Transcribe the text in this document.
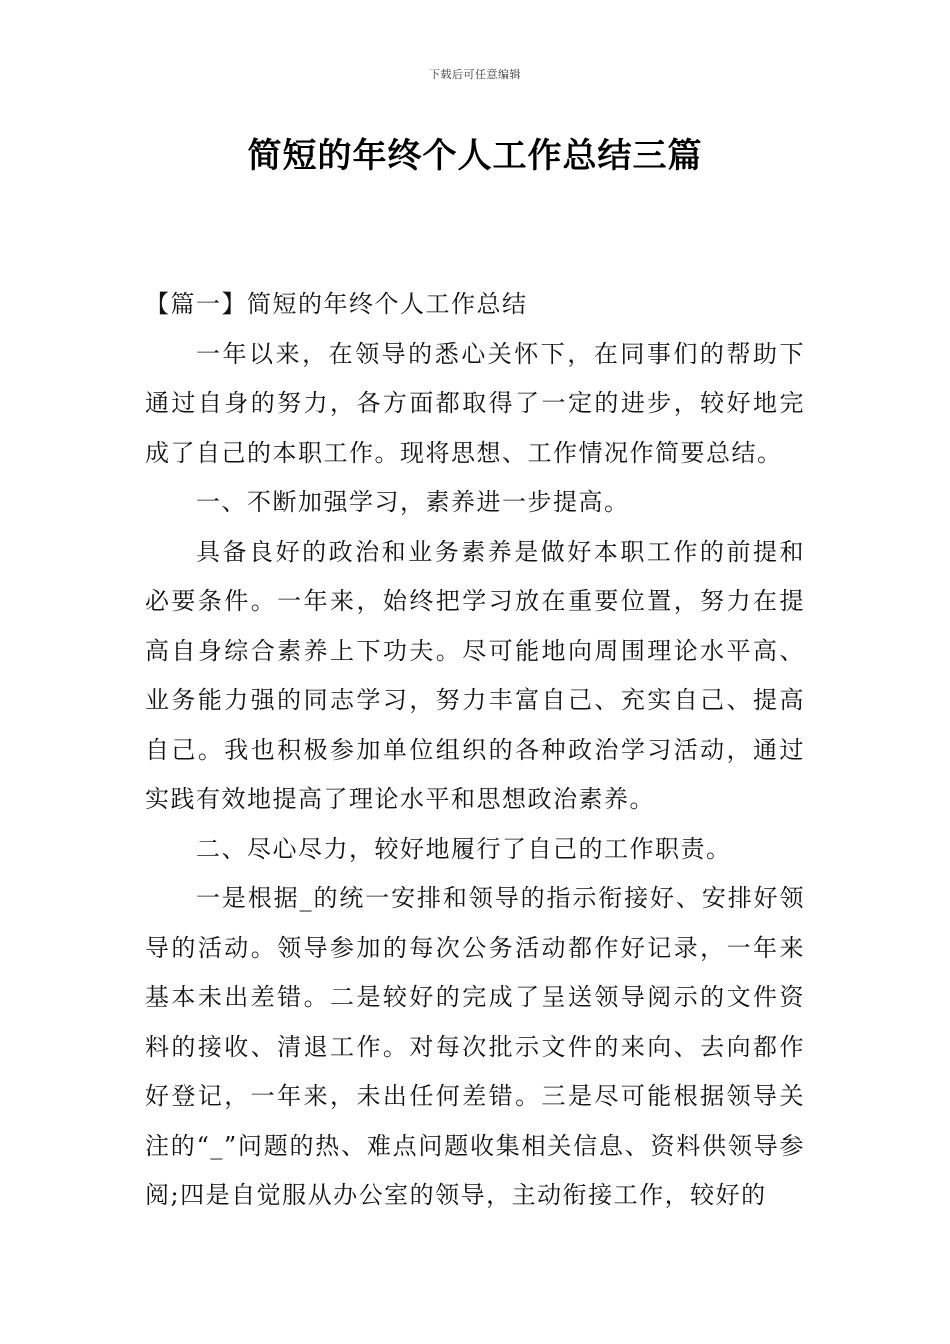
下载后可任意编辑
简短的年终个人工作总结三篇

【篇一】简短的年终个人工作总结

一年以来，在领导的悉心关怀下，在同事们的帮助下通过自身的努力，各方面都取得了一定的进步，较好地完成了自己的本职工作。现将思想、工作情况作简要总结。

一、不断加强学习，素养进一步提高。

具备良好的政治和业务素养是做好本职工作的前提和必要条件。一年来，始终把学习放在重要位置，努力在提高自身综合素养上下功夫。尽可能地向周围理论水平高、业务能力强的同志学习，努力丰富自己、充实自己、提高自己。我也积极参加单位组织的各种政治学习活动，通过实践有效地提高了理论水平和思想政治素养。

二、尽心尽力，较好地履行了自己的工作职责。

一是根据_的统一安排和领导的指示衔接好、安排好领导的活动。领导参加的每次公务活动都作好记录，一年来基本未出差错。二是较好的完成了呈送领导阅示的文件资料的接收、清退工作。对每次批示文件的来向、去向都作好登记，一年来，未出任何差错。三是尽可能根据领导关注的“_”问题的热、难点问题收集相关信息、资料供领导参阅;四是自觉服从办公室的领导，主动衔接工作，较好的
